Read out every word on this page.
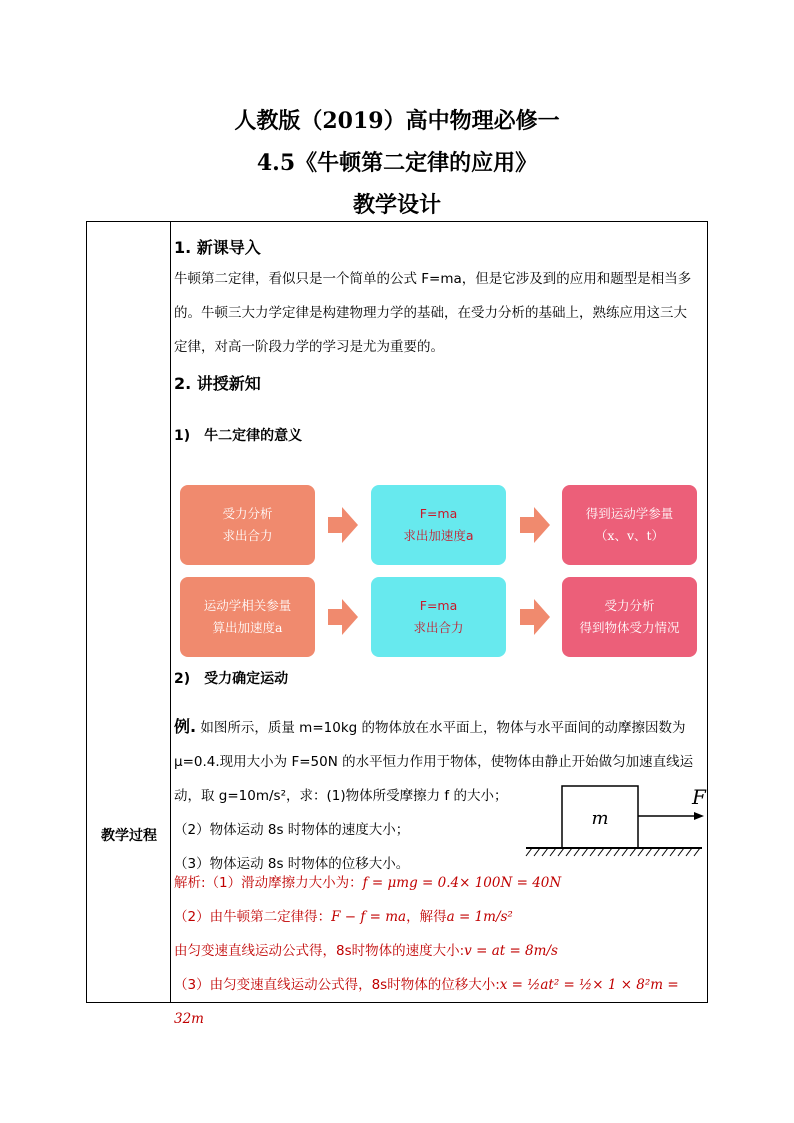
人教版（2019）高中物理必修一
4.5《牛顿第二定律的应用》
教学设计
教学过程
1. 新课导入
牛顿第二定律，看似只是一个简单的公式 F=ma，但是它涉及到的应用和题型是相当多
的。牛顿三大力学定律是构建物理力学的基础，在受力分析的基础上，熟练应用这三大
定律，对高一阶段力学的学习是尤为重要的。
2. 讲授新知
1)　牛二定律的意义
受力分析
求出合力
F=ma
求出加速度a
得到运动学参量
（x、v、t）
运动学相关参量
算出加速度a
F=ma
求出合力
受力分析
得到物体受力情况
2)　受力确定运动
例. 如图所示，质量 m=10kg 的物体放在水平面上，物体与水平面间的动摩擦因数为
μ=0.4.现用大小为 F=50N 的水平恒力作用于物体，使物体由静止开始做匀加速直线运
动，取 g=10m/s²，求：(1)物体所受摩擦力 f 的大小；
（2）物体运动 8s 时物体的速度大小；
（3）物体运动 8s 时物体的位移大小。
m
F
解析:（1）滑动摩擦力大小为：f = μmg = 0.4× 100N = 40N
（2）由牛顿第二定律得：F − f = ma，解得a = 1m/s²
由匀变速直线运动公式得，8s时物体的速度大小:v = at = 8m/s
（3）由匀变速直线运动公式得，8s时物体的位移大小:x = ½at² = ½× 1 × 8²m = 32m
